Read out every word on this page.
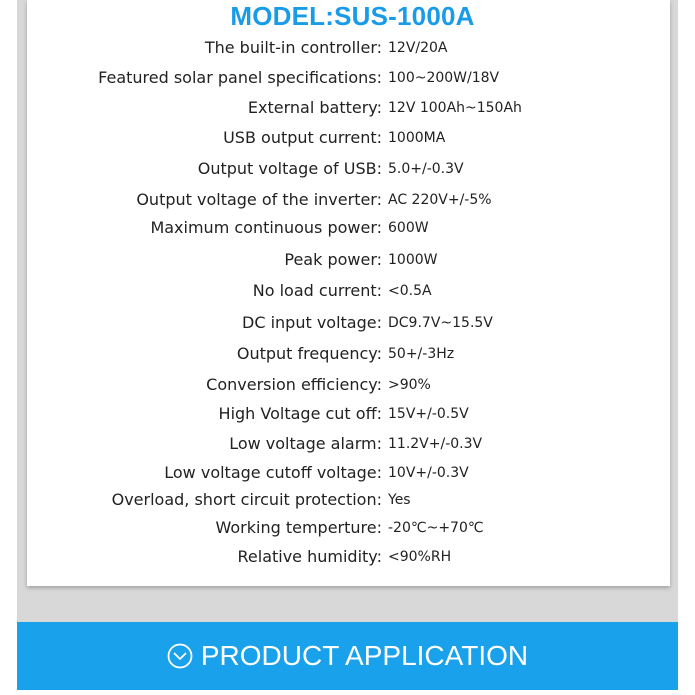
MODEL:SUS-1000A
The built-in controller: 12V/20A
Featured solar panel specifications: 100~200W/18V
External battery: 12V 100Ah~150Ah
USB output current: 1000MA
Output voltage of USB: 5.0+/-0.3V
Output voltage of the inverter: AC 220V+/-5%
Maximum continuous power: 600W
Peak power: 1000W
No load current: <0.5A
DC input voltage: DC9.7V~15.5V
Output frequency: 50+/-3Hz
Conversion efficiency: >90%
High Voltage cut off: 15V+/-0.5V
Low voltage alarm: 11.2V+/-0.3V
Low voltage cutoff voltage: 10V+/-0.3V
Overload, short circuit protection: Yes
Working temperture: -20℃~+70℃
Relative humidity: <90%RH
PRODUCT APPLICATION
